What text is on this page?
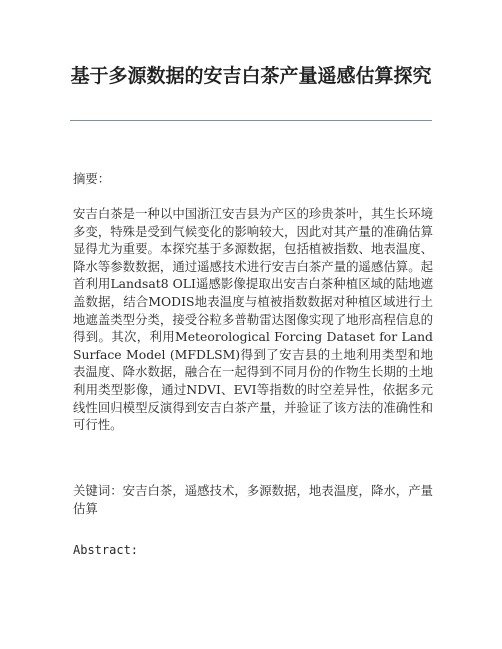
基于多源数据的安吉白茶产量遥感估算探究
摘要：

安吉白茶是一种以中国浙江安吉县为产区的珍贵茶叶，其生长环境多变，特殊是受到气候变化的影响较大，因此对其产量的准确估算显得尤为重要。本探究基于多源数据，包括植被指数、地表温度、降水等参数数据，通过遥感技术进行安吉白茶产量的遥感估算。起首利用Landsat8 OLI遥感影像提取出安吉白茶种植区域的陆地遮盖数据，结合MODIS地表温度与植被指数数据对种植区域进行土地遮盖类型分类，接受谷粒多普勒雷达图像实现了地形高程信息的得到。其次，利用Meteorological Forcing Dataset for Land Surface Model (MFDLSM)得到了安吉县的土地利用类型和地表温度、降水数据，融合在一起得到不同月份的作物生长期的土地利用类型影像，通过NDVI、EVI等指数的时空差异性，依据多元线性回归模型反演得到安吉白茶产量，并验证了该方法的准确性和可行性。

关键词：安吉白茶，遥感技术，多源数据，地表温度，降水，产量估算

Abstract:
